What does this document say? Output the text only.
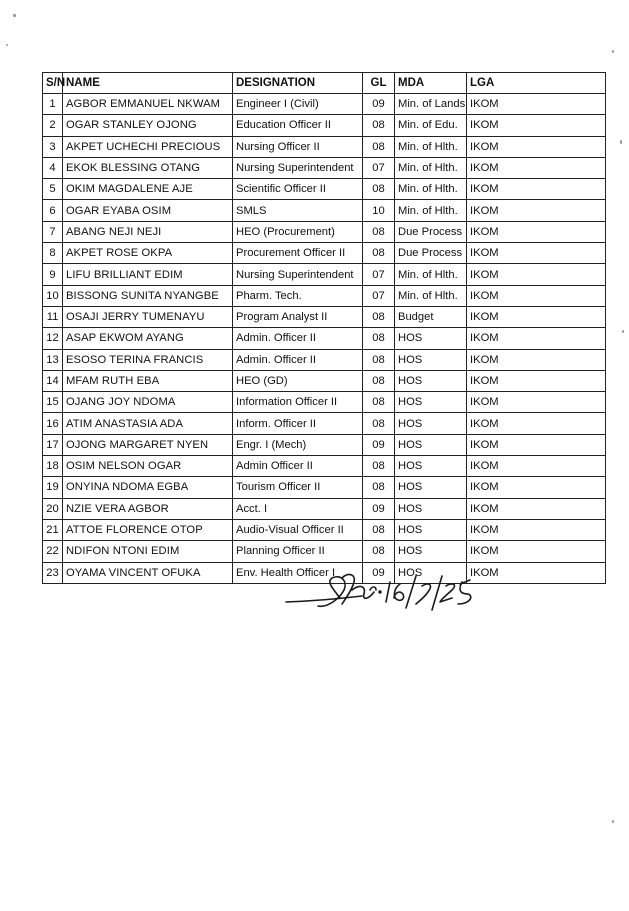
S/N	NAME	DESIGNATION	GL	MDA	LGA
1	AGBOR EMMANUEL NKWAM	Engineer I (Civil)	09	Min. of Lands	IKOM
2	OGAR STANLEY OJONG	Education Officer II	08	Min. of Edu.	IKOM
3	AKPET UCHECHI PRECIOUS	Nursing Officer II	08	Min. of Hlth.	IKOM
4	EKOK BLESSING OTANG	Nursing Superintendent	07	Min. of Hlth.	IKOM
5	OKIM MAGDALENE AJE	Scientific Officer II	08	Min. of Hlth.	IKOM
6	OGAR EYABA OSIM	SMLS	10	Min. of Hlth.	IKOM
7	ABANG NEJI NEJI	HEO (Procurement)	08	Due Process	IKOM
8	AKPET ROSE OKPA	Procurement Officer II	08	Due Process	IKOM
9	LIFU BRILLIANT EDIM	Nursing Superintendent	07	Min. of Hlth.	IKOM
10	BISSONG SUNITA NYANGBE	Pharm. Tech.	07	Min. of Hlth.	IKOM
11	OSAJI JERRY TUMENAYU	Program Analyst II	08	Budget	IKOM
12	ASAP EKWOM AYANG	Admin. Officer II	08	HOS	IKOM
13	ESOSO TERINA FRANCIS	Admin. Officer II	08	HOS	IKOM
14	MFAM RUTH EBA	HEO (GD)	08	HOS	IKOM
15	OJANG JOY NDOMA	Information Officer II	08	HOS	IKOM
16	ATIM ANASTASIA ADA	Inform. Officer II	08	HOS	IKOM
17	OJONG MARGARET NYEN	Engr. I (Mech)	09	HOS	IKOM
18	OSIM NELSON OGAR	Admin Officer II	08	HOS	IKOM
19	ONYINA NDOMA EGBA	Tourism Officer II	08	HOS	IKOM
20	NZIE VERA AGBOR	Acct. I	09	HOS	IKOM
21	ATTOE FLORENCE OTOP	Audio-Visual Officer II	08	HOS	IKOM
22	NDIFON NTONI EDIM	Planning Officer II	08	HOS	IKOM
23	OYAMA VINCENT OFUKA	Env. Health Officer I	09	HOS	IKOM
